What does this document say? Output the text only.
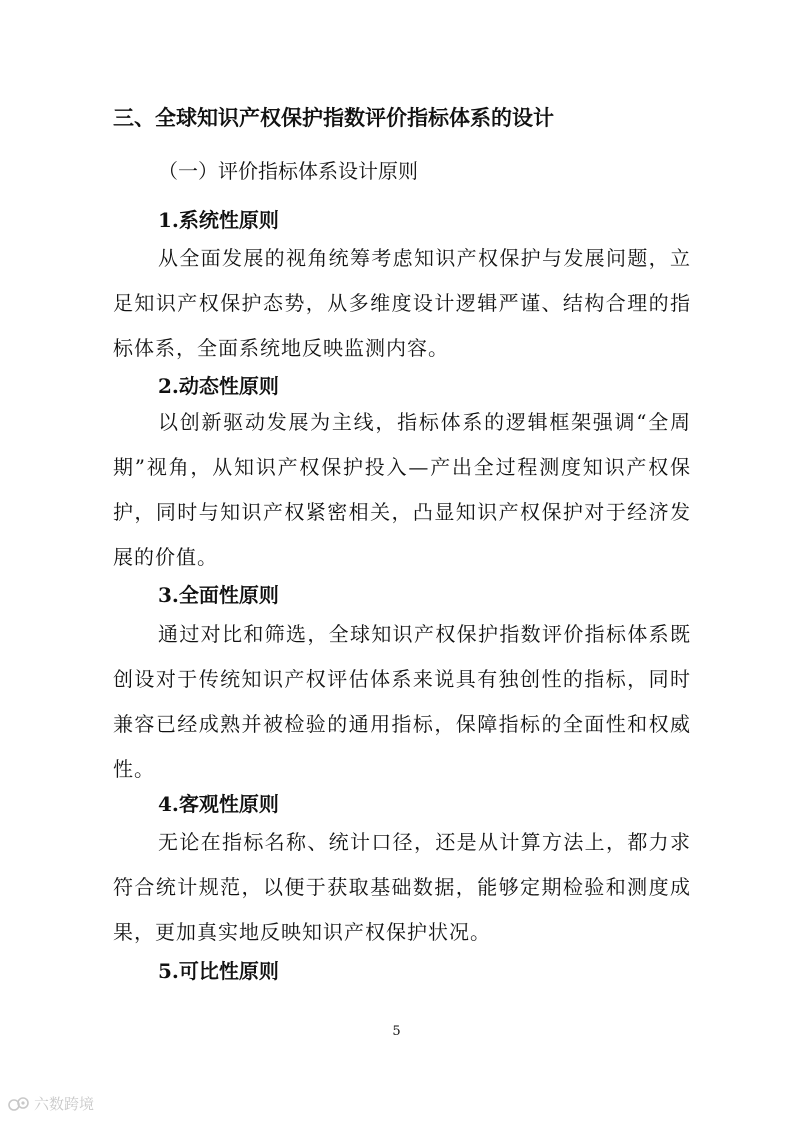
三、全球知识产权保护指数评价指标体系的设计
（一）评价指标体系设计原则
1.系统性原则
从全面发展的视角统筹考虑知识产权保护与发展问题，立足知识产权保护态势，从多维度设计逻辑严谨、结构合理的指标体系，全面系统地反映监测内容。
2.动态性原则
以创新驱动发展为主线，指标体系的逻辑框架强调“全周期”视角，从知识产权保护投入—产出全过程测度知识产权保护，同时与知识产权紧密相关，凸显知识产权保护对于经济发展的价值。
3.全面性原则
通过对比和筛选，全球知识产权保护指数评价指标体系既创设对于传统知识产权评估体系来说具有独创性的指标，同时兼容已经成熟并被检验的通用指标，保障指标的全面性和权威性。
4.客观性原则
无论在指标名称、统计口径，还是从计算方法上，都力求符合统计规范，以便于获取基础数据，能够定期检验和测度成果，更加真实地反映知识产权保护状况。
5.可比性原则
5
六数跨境
